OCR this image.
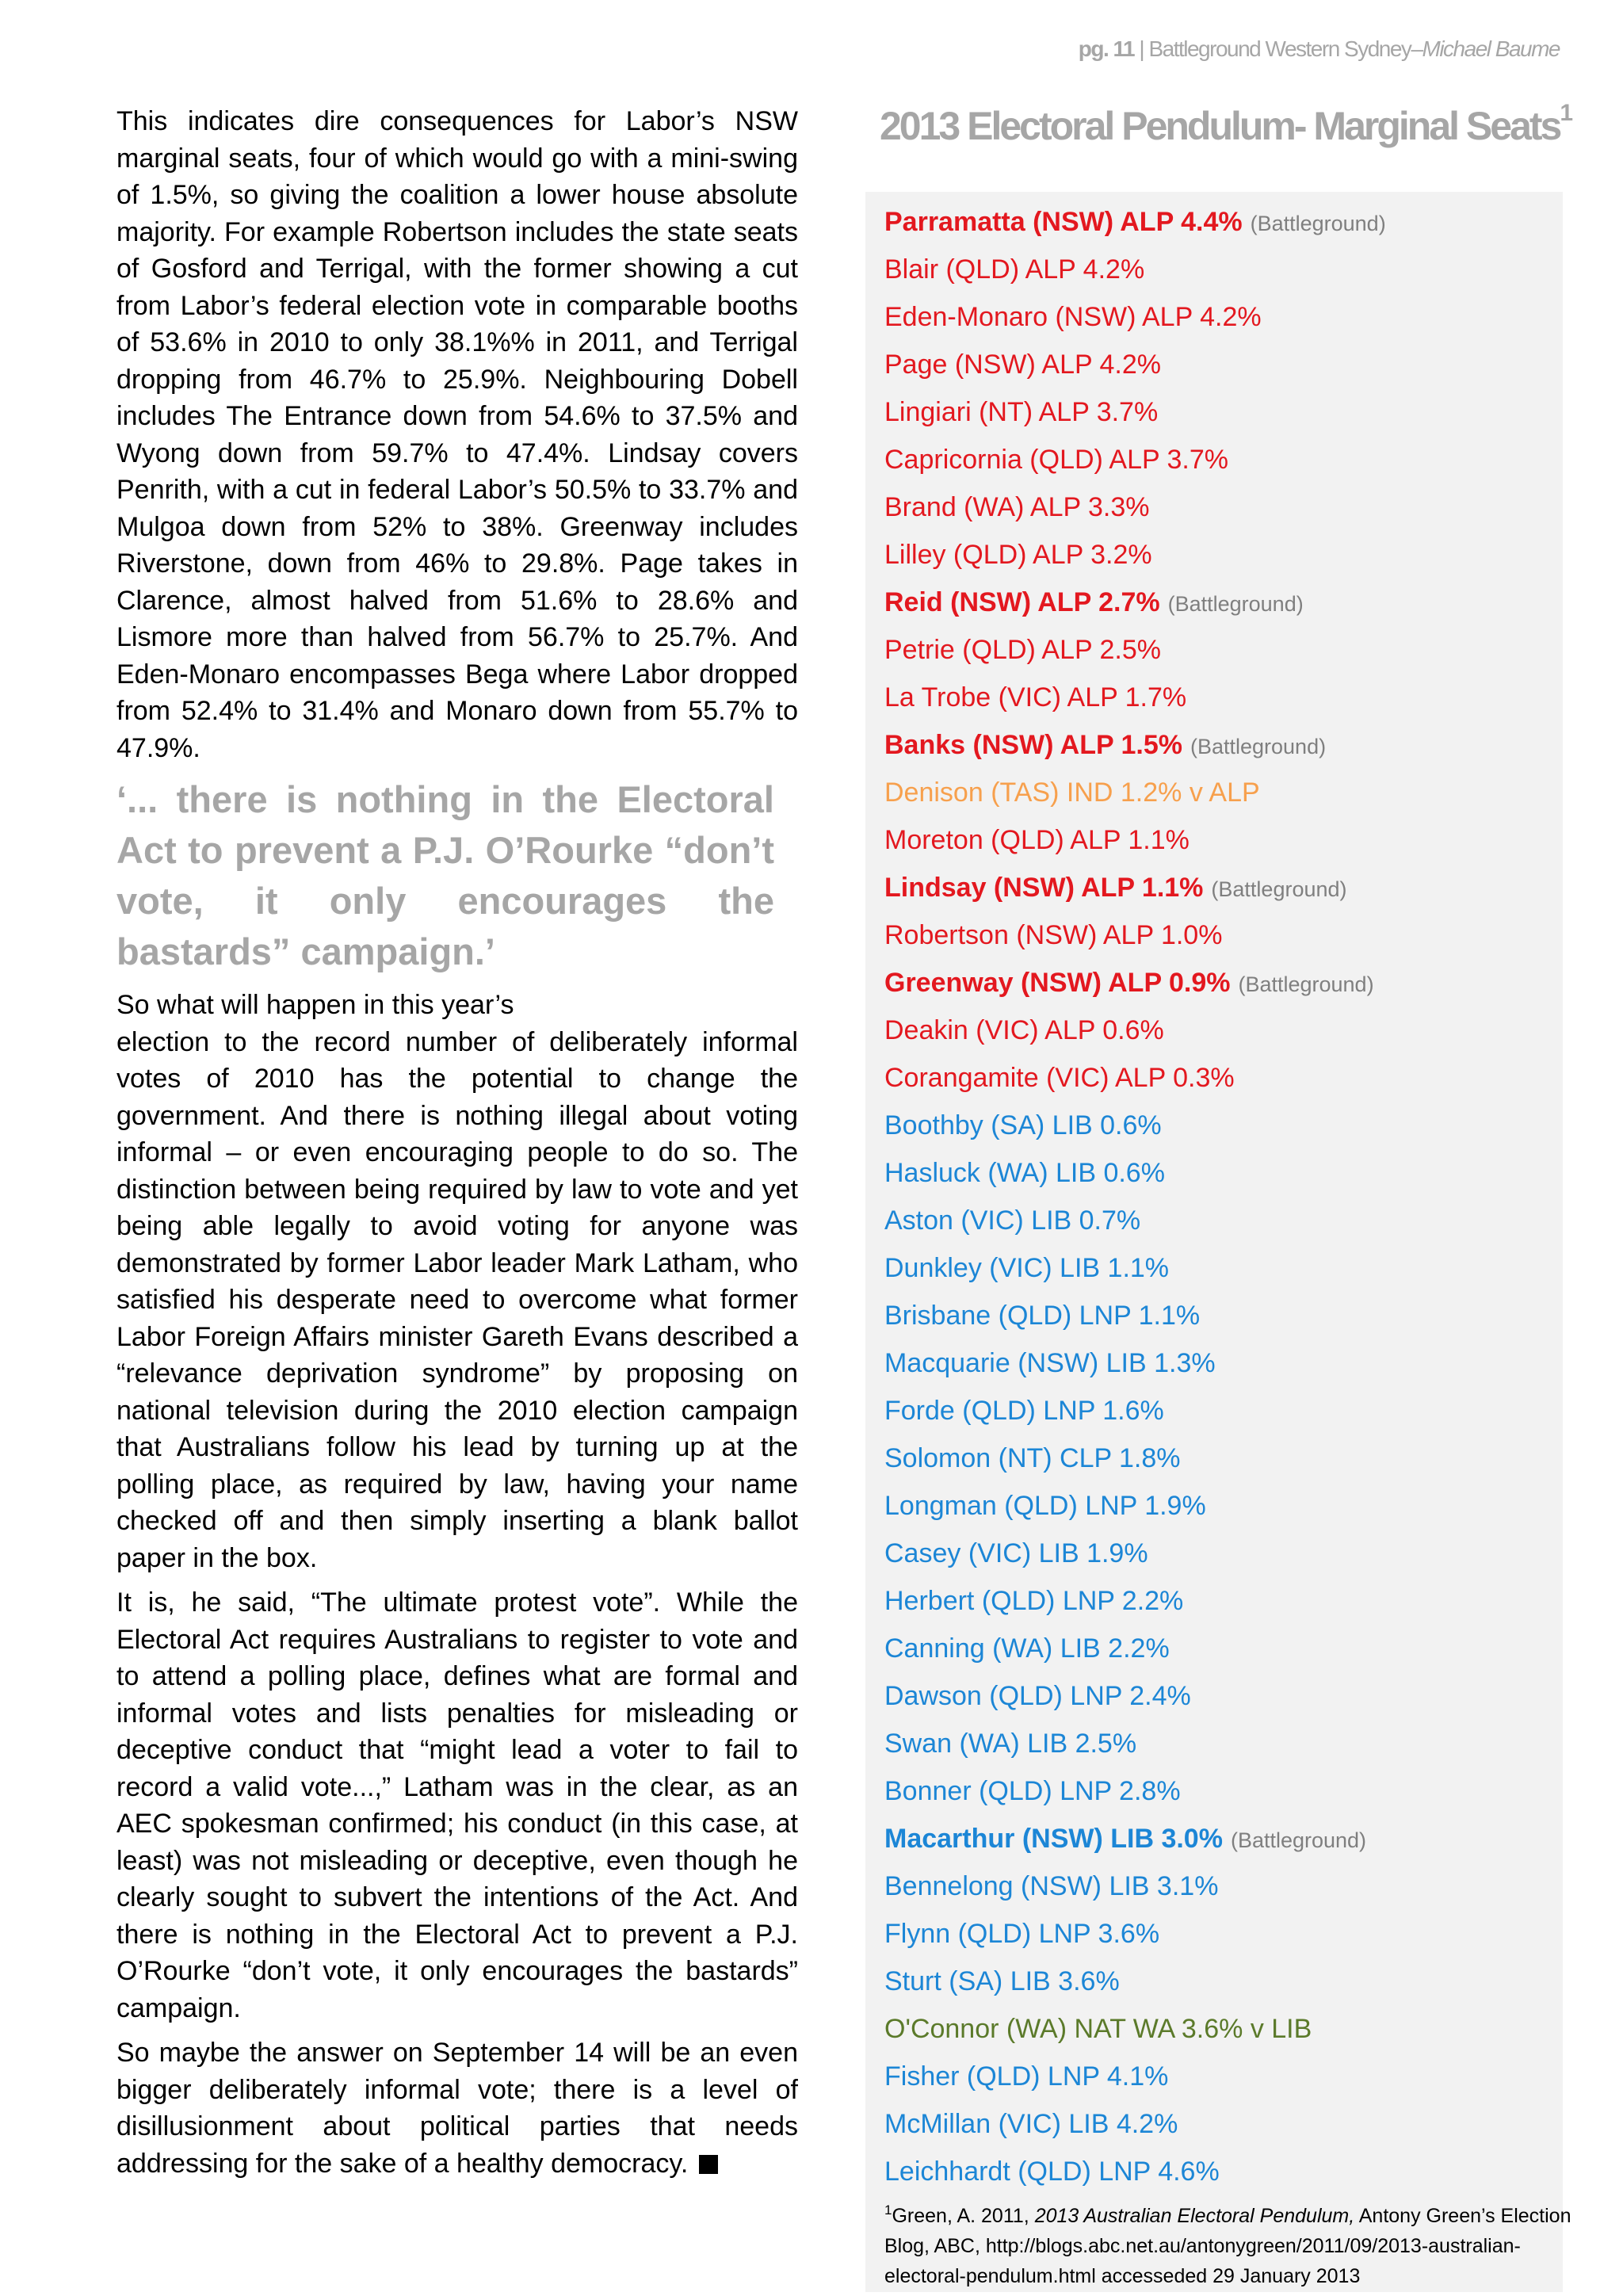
pg. 11 | Battleground Western Sydney–Michael Baume

This indicates dire consequences for Labor’s NSW marginal seats, four of which would go with a mini-swing of 1.5%, so giving the coalition a lower house absolute majority. For example Robertson includes the state seats of Gosford and Terrigal, with the former showing a cut from Labor’s federal election vote in comparable booths of 53.6% in 2010 to only 38.1%% in 2011, and Terrigal dropping from 46.7% to 25.9%. Neighbouring Dobell includes The Entrance down from 54.6% to 37.5% and Wyong down from 59.7% to 47.4%. Lindsay covers Penrith, with a cut in federal Labor’s 50.5% to 33.7% and Mulgoa down from 52% to 38%. Greenway includes Riverstone, down from 46% to 29.8%. Page takes in Clarence, almost halved from 51.6% to 28.6% and Lismore more than halved from 56.7% to 25.7%. And Eden-Monaro encompasses Bega where Labor dropped from 52.4% to 31.4% and Monaro down from 55.7% to 47.9%.

‘... there is nothing in the Electoral Act to prevent a P.J. O’Rourke “don’t vote, it only encourages the bastards” campaign.’

So what will happen in this year’s

election to the record number of deliberately informal votes of 2010 has the potential to change the government. And there is nothing illegal about voting informal – or even encouraging people to do so. The distinction between being required by law to vote and yet being able legally to avoid voting for anyone was demonstrated by former Labor leader Mark Latham, who satisfied his desperate need to overcome what former Labor Foreign Affairs minister Gareth Evans described a “relevance deprivation syndrome” by proposing on national television during the 2010 election campaign that Australians follow his lead by turning up at the polling place, as required by law, having your name checked off and then simply inserting a blank ballot paper in the box.

It is, he said, “The ultimate protest vote”. While the Electoral Act requires Australians to register to vote and to attend a polling place, defines what are formal and informal votes and lists penalties for misleading or deceptive conduct that “might lead a voter to fail to record a valid vote...,” Latham was in the clear, as an AEC spokesman confirmed; his conduct (in this case, at least) was not misleading or deceptive, even though he clearly sought to subvert the intentions of the Act. And there is nothing in the Electoral Act to prevent a P.J. O’Rourke “don’t vote, it only encourages the bastards” campaign.

So maybe the answer on September 14 will be an even bigger deliberately informal vote; there is a level of disillusionment about political parties that needs addressing for the sake of a healthy democracy.

2013 Electoral Pendulum- Marginal Seats$^1$
Parramatta (NSW) ALP 4.4% (Battleground)
Blair (QLD) ALP 4.2%
Eden-Monaro (NSW) ALP 4.2%
Page (NSW) ALP 4.2%
Lingiari (NT) ALP 3.7%
Capricornia (QLD) ALP 3.7%
Brand (WA) ALP 3.3%
Lilley (QLD) ALP 3.2%
Reid (NSW) ALP 2.7% (Battleground)
Petrie (QLD) ALP 2.5%
La Trobe (VIC) ALP 1.7%
Banks (NSW) ALP 1.5% (Battleground)
Denison (TAS) IND 1.2% v ALP
Moreton (QLD) ALP 1.1%
Lindsay (NSW) ALP 1.1% (Battleground)
Robertson (NSW) ALP 1.0%
Greenway (NSW) ALP 0.9% (Battleground)
Deakin (VIC) ALP 0.6%
Corangamite (VIC) ALP 0.3%
Boothby (SA) LIB 0.6%
Hasluck (WA) LIB 0.6%
Aston (VIC) LIB 0.7%
Dunkley (VIC) LIB 1.1%
Brisbane (QLD) LNP 1.1%
Macquarie (NSW) LIB 1.3%
Forde (QLD) LNP 1.6%
Solomon (NT) CLP 1.8%
Longman (QLD) LNP 1.9%
Casey (VIC) LIB 1.9%
Herbert (QLD) LNP 2.2%
Canning (WA) LIB 2.2%
Dawson (QLD) LNP 2.4%
Swan (WA) LIB 2.5%
Bonner (QLD) LNP 2.8%
Macarthur (NSW) LIB 3.0% (Battleground)
Bennelong (NSW) LIB 3.1%
Flynn (QLD) LNP 3.6%
Sturt (SA) LIB 3.6%
O'Connor (WA) NAT WA 3.6% v LIB
Fisher (QLD) LNP 4.1%
McMillan (VIC) LIB 4.2%
Leichhardt (QLD) LNP 4.6%
$^1$Green, A. 2011, 2013 Australian Electoral Pendulum, Antony Green’s Election Blog, ABC, http://blogs.abc.net.au/antonygreen/2011/09/2013-australian-electoral-pendulum.html accesseded 29 January 2013
